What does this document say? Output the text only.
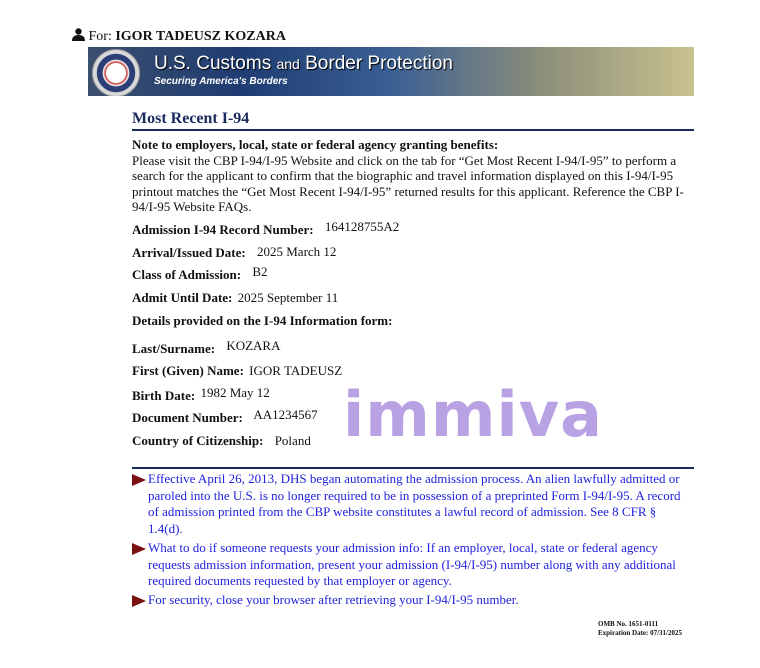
For: IGOR TADEUSZ KOZARA
U.S. Customs and Border Protection
Securing America's Borders
Most Recent I-94
Note to employers, local, state or federal agency granting benefits:
Please visit the CBP I-94/I-95 Website and click on the tab for “Get Most Recent I-94/I-95” to perform a search for the applicant to confirm that the biographic and travel information displayed on this I-94/I-95 printout matches the “Get Most Recent I-94/I-95” returned results for this applicant. Reference the CBP I-94/I-95 Website FAQs.
Admission I-94 Record Number: 164128755A2
Arrival/Issued Date: 2025 March 12
Class of Admission: B2
Admit Until Date: 2025 September 11
Details provided on the I-94 Information form:
Last/Surname: KOZARA
First (Given) Name: IGOR TADEUSZ
Birth Date: 1982 May 12
Document Number: AA1234567
Country of Citizenship: Poland immiva
Effective April 26, 2013, DHS began automating the admission process. An alien lawfully admitted or paroled into the U.S. is no longer required to be in possession of a preprinted Form I-94/I-95. A record of admission printed from the CBP website constitutes a lawful record of admission. See 8 CFR § 1.4(d).
What to do if someone requests your admission info: If an employer, local, state or federal agency requests admission information, present your admission (I-94/I-95) number along with any additional required documents requested by that employer or agency.
For security, close your browser after retrieving your I-94/I-95 number.
OMB No. 1651-0111
Expiration Date: 07/31/2025
